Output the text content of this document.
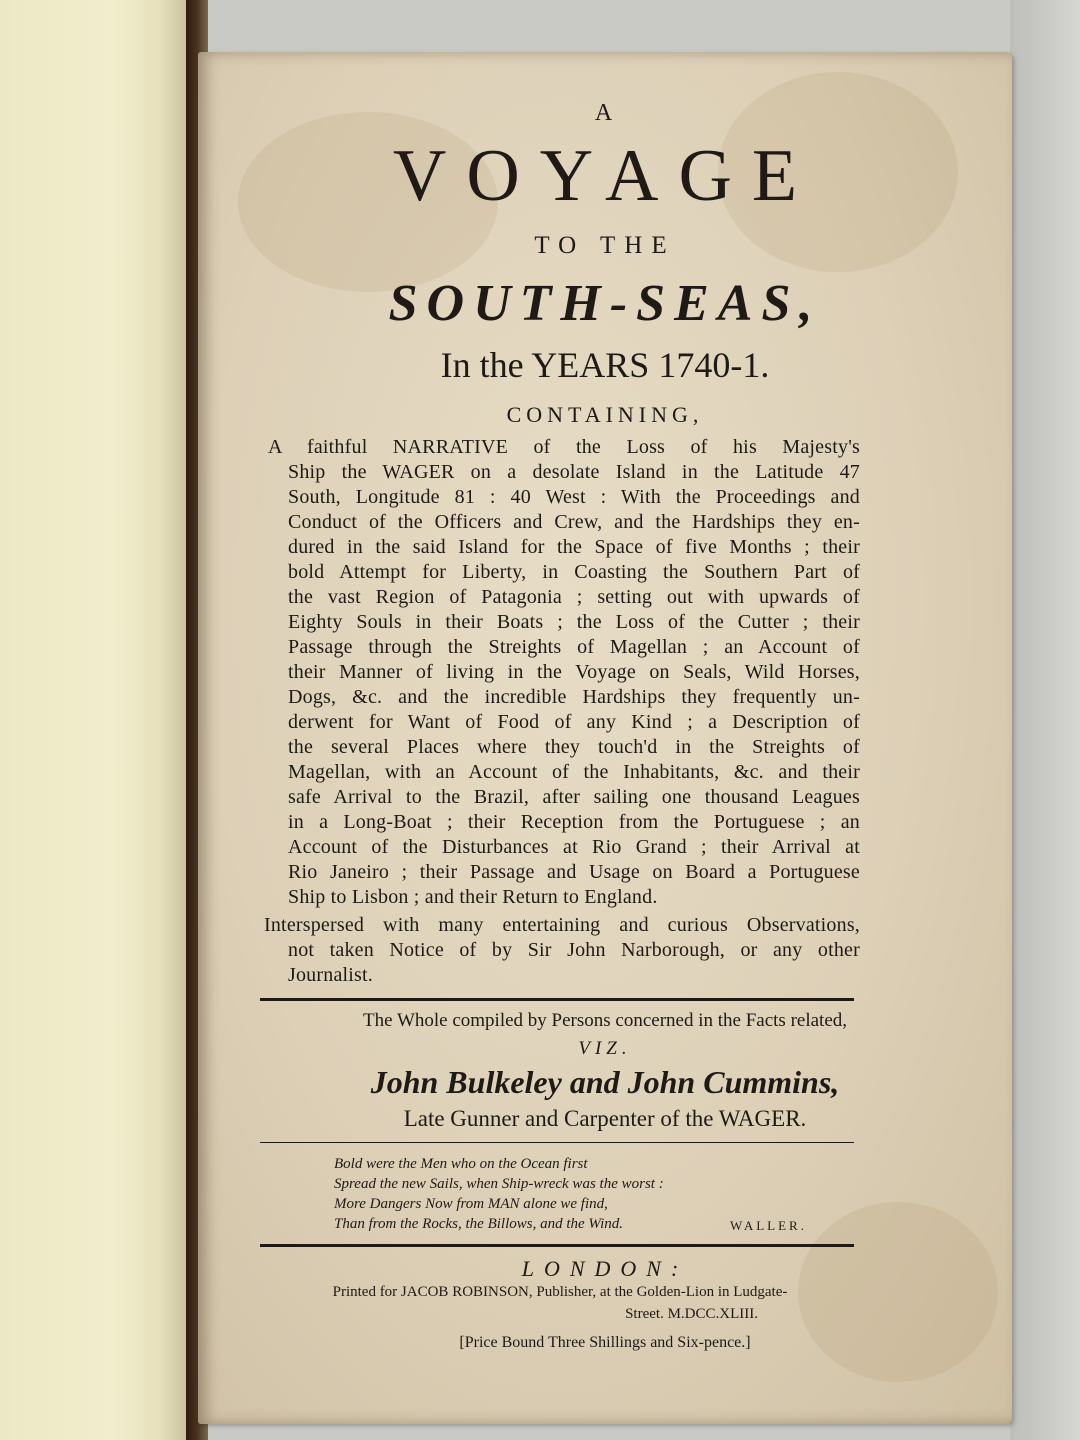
A
VOYAGE
TO THE
SOUTH-SEAS,
In the YEARS 1740-1.
CONTAINING,
A faithful NARRATIVE of the Loss of his Majesty's
Ship the WAGER on a desolate Island in the Latitude 47
South, Longitude 81 : 40 West : With the Proceedings and
Conduct of the Officers and Crew, and the Hardships they en-
dured in the said Island for the Space of five Months ; their
bold Attempt for Liberty, in Coasting the Southern Part of
the vast Region of Patagonia ; setting out with upwards of
Eighty Souls in their Boats ; the Loss of the Cutter ; their
Passage through the Streights of Magellan ; an Account of
their Manner of living in the Voyage on Seals, Wild Horses,
Dogs, &c. and the incredible Hardships they frequently un-
derwent for Want of Food of any Kind ; a Description of
the several Places where they touch'd in the Streights of
Magellan, with an Account of the Inhabitants, &c. and their
safe Arrival to the Brazil, after sailing one thousand Leagues
in a Long-Boat ; their Reception from the Portuguese ; an
Account of the Disturbances at Rio Grand ; their Arrival at
Rio Janeiro ; their Passage and Usage on Board a Portuguese
Ship to Lisbon ; and their Return to England.
Interspersed with many entertaining and curious Observations,
not taken Notice of by Sir John Narborough, or any other
Journalist.
The Whole compiled by Persons concerned in the Facts related,
VIZ.
John Bulkeley and John Cummins,
Late Gunner and Carpenter of the WAGER.
Bold were the Men who on the Ocean first
Spread the new Sails, when Ship-wreck was the worst :
More Dangers Now from MAN alone we find,
Than from the Rocks, the Billows, and the Wind.	WALLER.
LONDON:
Printed for JACOB ROBINSON, Publisher, at the Golden-Lion in Ludgate-
Street. M.DCC.XLIII.
[Price Bound Three Shillings and Six-pence.]
